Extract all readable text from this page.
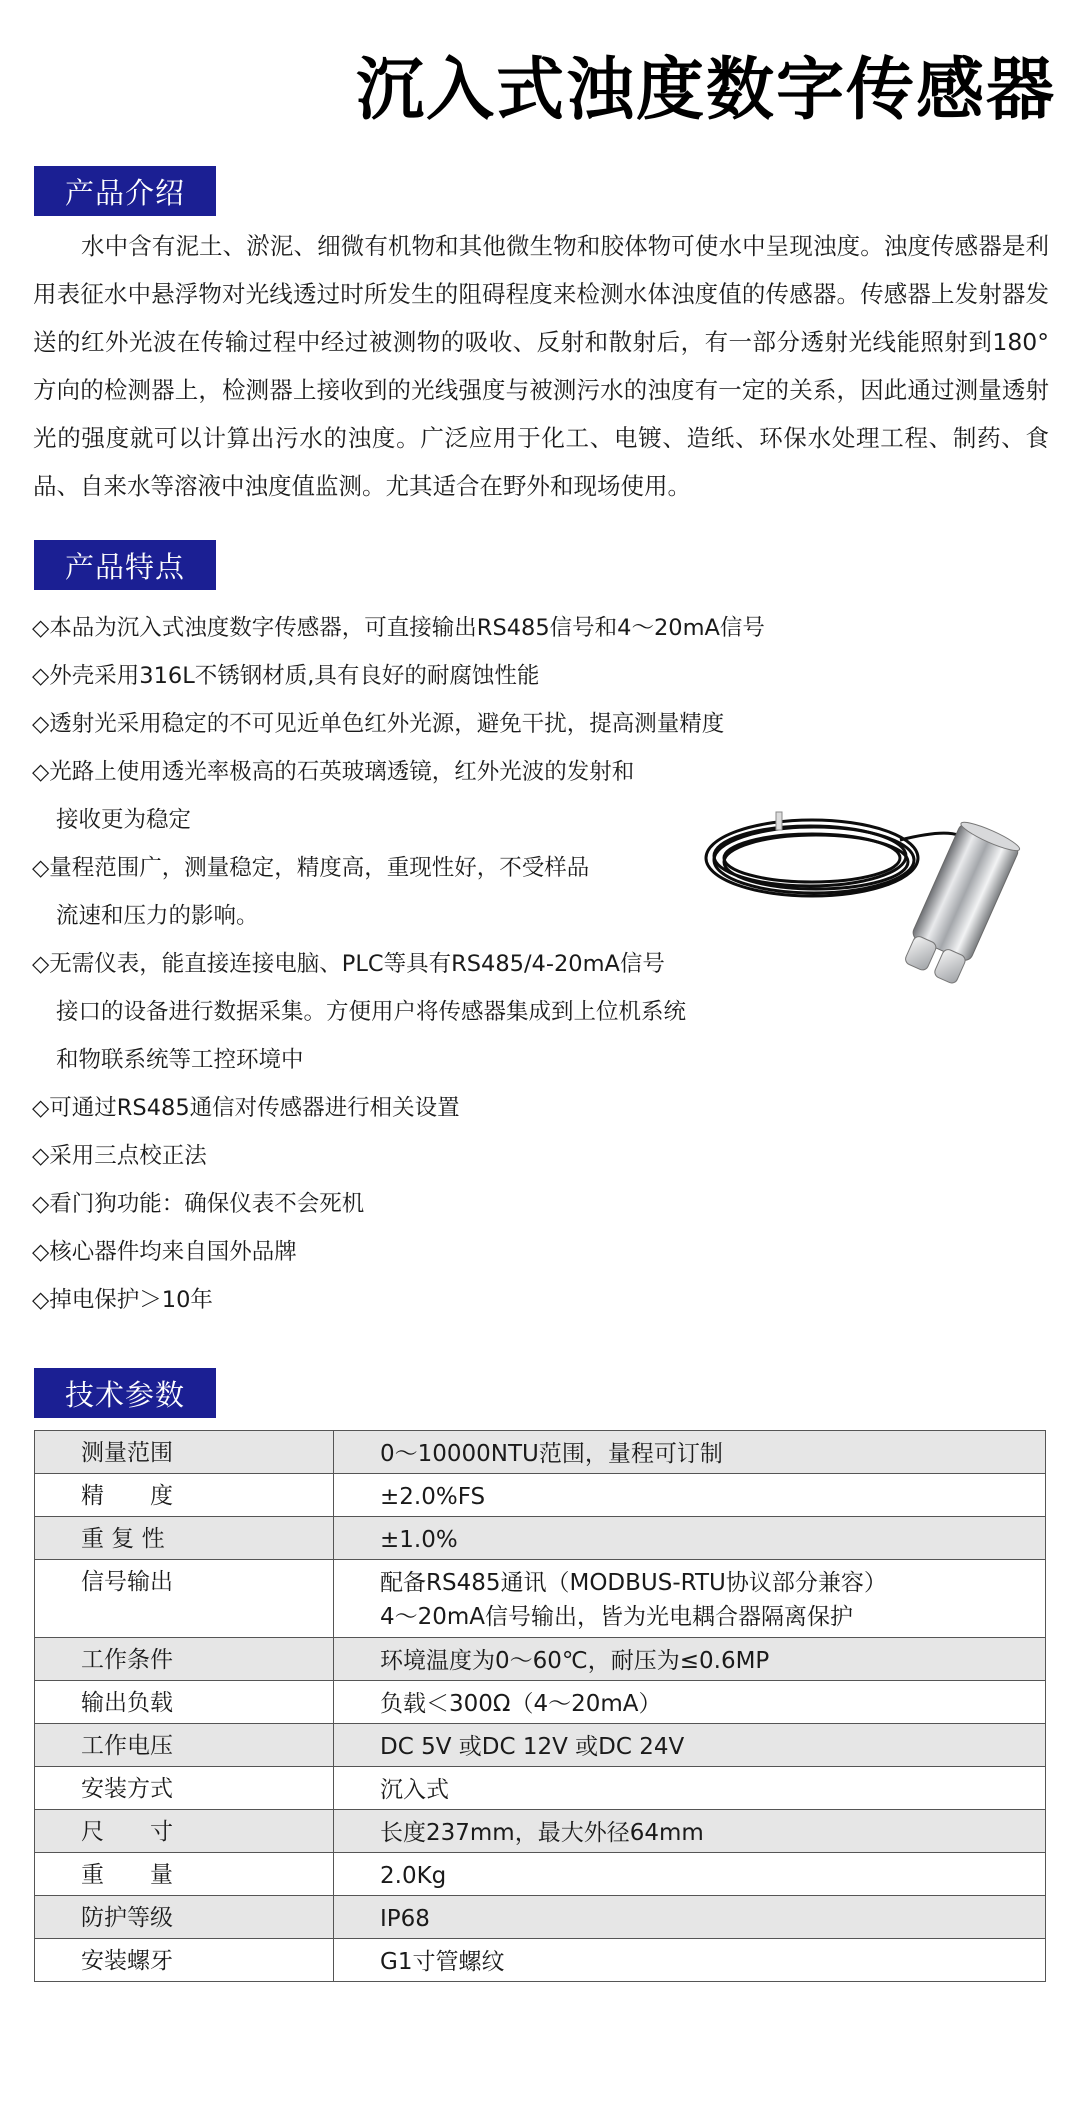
沉入式浊度数字传感器
产品介绍

水中含有泥土、淤泥、细微有机物和其他微生物和胶体物可使水中呈现浊度。浊度传感器是利用表征水中悬浮物对光线透过时所发生的阻碍程度来检测水体浊度值的传感器。传感器上发射器发送的红外光波在传输过程中经过被测物的吸收、反射和散射后，有一部分透射光线能照射到180°方向的检测器上，检测器上接收到的光线强度与被测污水的浊度有一定的关系，因此通过测量透射光的强度就可以计算出污水的浊度。广泛应用于化工、电镀、造纸、环保水处理工程、制药、食品、自来水等溶液中浊度值监测。尤其适合在野外和现场使用。

产品特点
◇本品为沉入式浊度数字传感器，可直接输出RS485信号和4～20mA信号
◇外壳采用316L不锈钢材质,具有良好的耐腐蚀性能
◇透射光采用稳定的不可见近单色红外光源，避免干扰，提高测量精度
◇光路上使用透光率极高的石英玻璃透镜，红外光波的发射和
接收更为稳定
◇量程范围广，测量稳定，精度高，重现性好，不受样品
流速和压力的影响。
◇无需仪表，能直接连接电脑、PLC等具有RS485/4-20mA信号
接口的设备进行数据采集。方便用户将传感器集成到上位机系统
和物联系统等工控环境中
◇可通过RS485通信对传感器进行相关设置
◇采用三点校正法
◇看门狗功能：确保仪表不会死机
◇核心器件均来自国外品牌
◇掉电保护＞10年
技术参数
测量范围	0～10000NTU范围，量程可订制

精　　度	±2.0%FS

重 复 性	±1.0%

信号输出	配备RS485通讯（MODBUS-RTU协议部分兼容）
4～20mA信号输出，皆为光电耦合器隔离保护

工作条件	环境温度为0～60℃，耐压为≤0.6MP

输出负载	负载＜300Ω（4～20mA）

工作电压	DC 5V 或DC 12V 或DC 24V

安装方式	沉入式

尺　　寸	长度237mm，最大外径64mm

重　　量	2.0Kg

防护等级	IP68

安装螺牙	G1寸管螺纹
